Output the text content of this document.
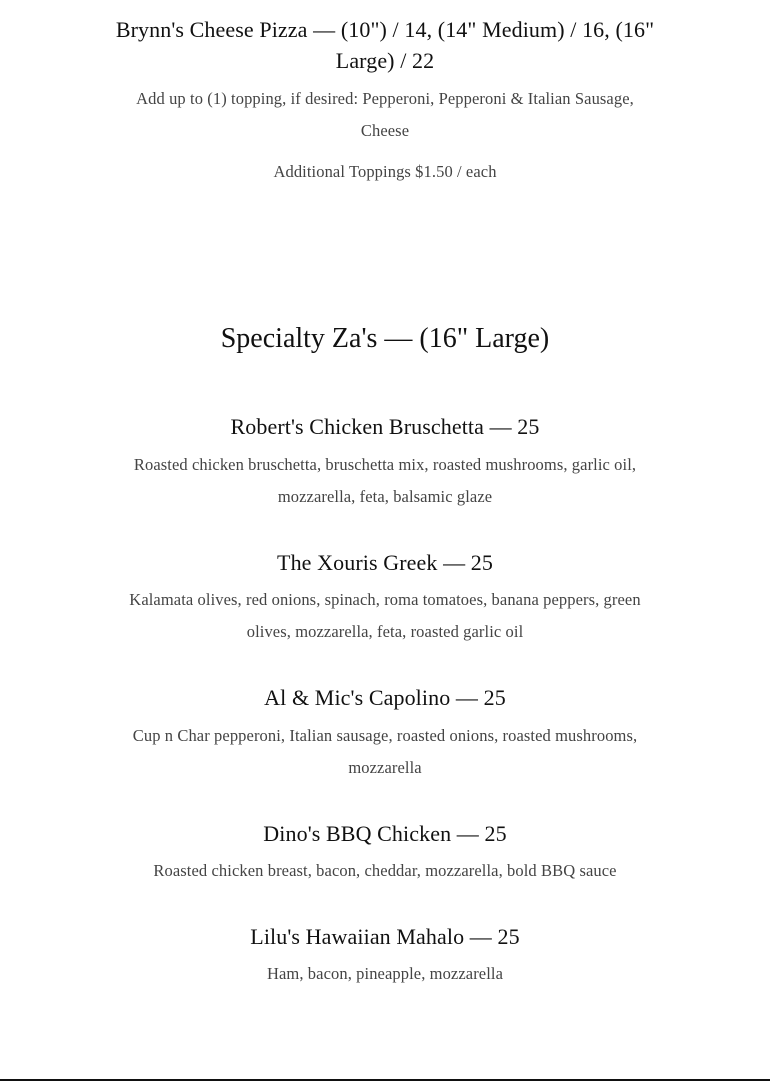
Brynn's Cheese Pizza — (10") / 14, (14" Medium) / 16, (16" Large) / 22

Add up to (1) topping, if desired: Pepperoni, Pepperoni & Italian Sausage, Cheese

Additional Toppings $1.50 / each

Specialty Za's — (16" Large)
Robert's Chicken Bruschetta — 25

Roasted chicken bruschetta, bruschetta mix, roasted mushrooms, garlic oil, mozzarella, feta, balsamic glaze

The Xouris Greek — 25

Kalamata olives, red onions, spinach, roma tomatoes, banana peppers, green olives, mozzarella, feta, roasted garlic oil

Al & Mic's Capolino — 25

Cup n Char pepperoni, Italian sausage, roasted onions, roasted mushrooms, mozzarella

Dino's BBQ Chicken — 25

Roasted chicken breast, bacon, cheddar, mozzarella, bold BBQ sauce

Lilu's Hawaiian Mahalo — 25

Ham, bacon, pineapple, mozzarella
